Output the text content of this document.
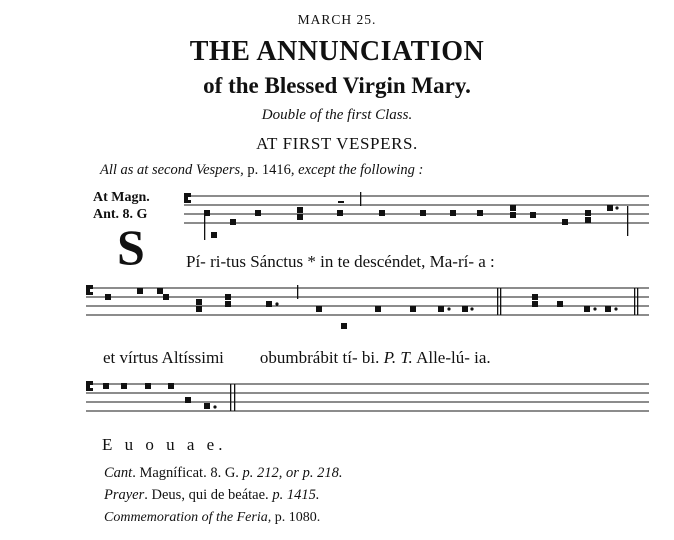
MARCH 25.
THE ANNUNCIATION
of the Blessed Virgin Mary.
Double of the first Class.
AT FIRST VESPERS.
All as at second Vespers, p. 1416, except the following :
At Magn.
Ant. 8. G
S Pí- ri-tus Sánctus * in te descéndet, Ma-rí- a :
et vírtus Altíssimi obumbrábit tí- bi. P. T. Alle-lú- ia.
E u o u a e.
Cant. Magníficat. 8. G. p. 212, or p. 218.
Prayer. Deus, qui de beátae. p. 1415.
Commemoration of the Feria, p. 1080.
